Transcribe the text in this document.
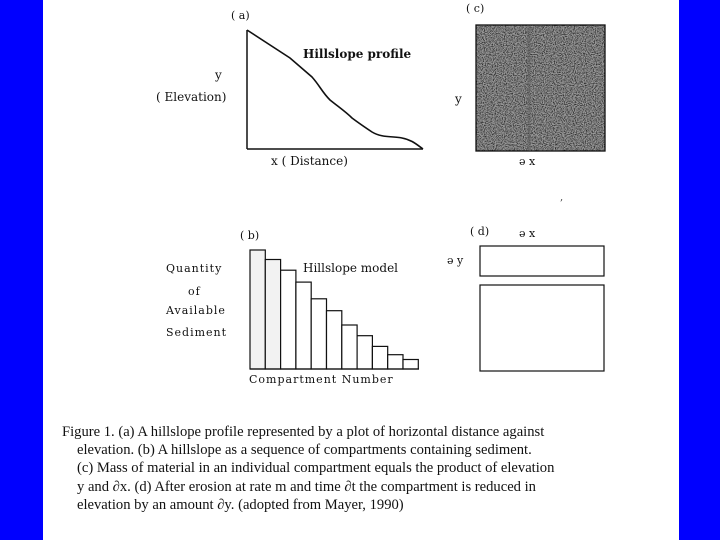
( a)
Hillslope profile
y
( Elevation)
x ( Distance)
( c)
y
ə x
( b)
Hillslope model
Quantity
of
Available
Sediment
Compartment Number
( d)	ə x
ə y
,
Figure 1. (a) A hillslope profile represented by a plot of horizontal distance against
elevation. (b) A hillslope as a sequence of compartments containing sediment.
(c) Mass of material in an individual compartment equals the product of elevation
y and ∂x. (d) After erosion at rate m and time ∂t the compartment is reduced in
elevation by an amount ∂y. (adopted from Mayer, 1990)
